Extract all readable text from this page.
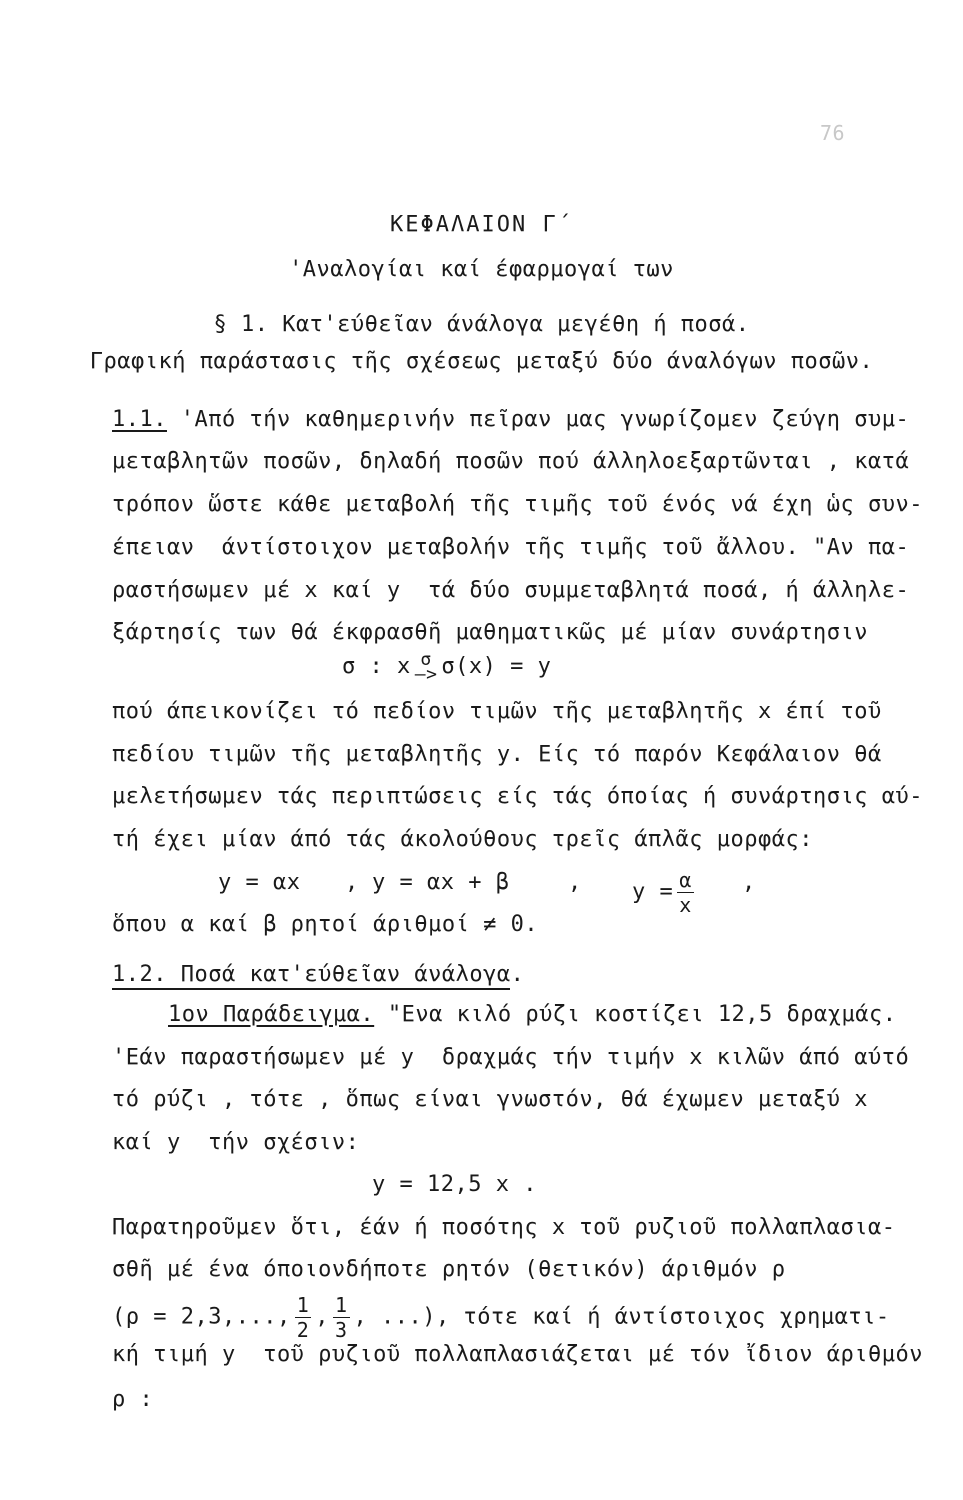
76
ΚΕΦΑΛΑΙΟΝ Γ΄
'Αναλογίαι καί έφαρμογαί των
§ 1. Κατ'εύθεῖαν άνάλογα μεγέθη ή ποσά.
Γραφική παράστασις τῆς σχέσεως μεταξύ δύο άναλόγων ποσῶν.
1.1. 'Από τήν καθημερινήν πεῖραν μας γνωρίζομεν ζεύγη συμ-
μεταβλητῶν ποσῶν, δηλαδή ποσῶν πού άλληλοεξαρτῶνται , κατά
τρόπον ὥστε κάθε μεταβολή τῆς τιμῆς τοῦ ένός νά έχη ὡς συν-
έπειαν  άντίστοιχον μεταβολήν τῆς τιμῆς τοῦ ἄλλου. "Αν πα-
ραστήσωμεν μέ x καί y  τά δύο συμμεταβλητά ποσά, ή άλληλε-
ξάρτησίς των θά έκφρασθῆ μαθηματικῶς μέ μίαν συνάρτησιν
σ : x σ
—> σ(x) = y
πού άπεικονίζει τό πεδίον τιμῶν τῆς μεταβλητῆς x έπί τοῦ
πεδίου τιμῶν τῆς μεταβλητῆς y. Είς τό παρόν Κεφάλαιον θά
μελετήσωμεν τάς περιπτώσεις είς τάς όποίας ή συνάρτησις αύ-
τή έχει μίαν άπό τάς άκολούθους τρεῖς άπλᾶς μορφάς:
y = αx , y = αx + β	, $y = \frac{\alpha}{x}$ ,
ὅπου α καί β ρητοί άριθμοί ≠ 0.
1.2. Ποσά κατ'εύθεῖαν άνάλογα.
1ον Παράδειγμα. "Ενα κιλό ρύζι κοστίζει 12,5 δραχμάς.
'Εάν παραστήσωμεν μέ y  δραχμάς τήν τιμήν x κιλῶν άπό αύτό
τό ρύζι , τότε , ὅπως είναι γνωστόν, θά έχωμεν μεταξύ x
καί y  τήν σχέσιν:
y = 12,5 x .
Παρατηροῦμεν ὅτι, έάν ή ποσότης x τοῦ ρυζιοῦ πολλαπλασια-
σθῆ μέ ένα όποιονδήποτε ρητόν (θετικόν) άριθμόν ρ
(ρ = 2,3,..., $\frac{1}{2}$ , $\frac{1}{3}$ , ...), τότε καί ή άντίστοιχος χρηματι-
κή τιμή y  τοῦ ρυζιοῦ πολλαπλασιάζεται μέ τόν ἴδιον άριθμόν
ρ :
